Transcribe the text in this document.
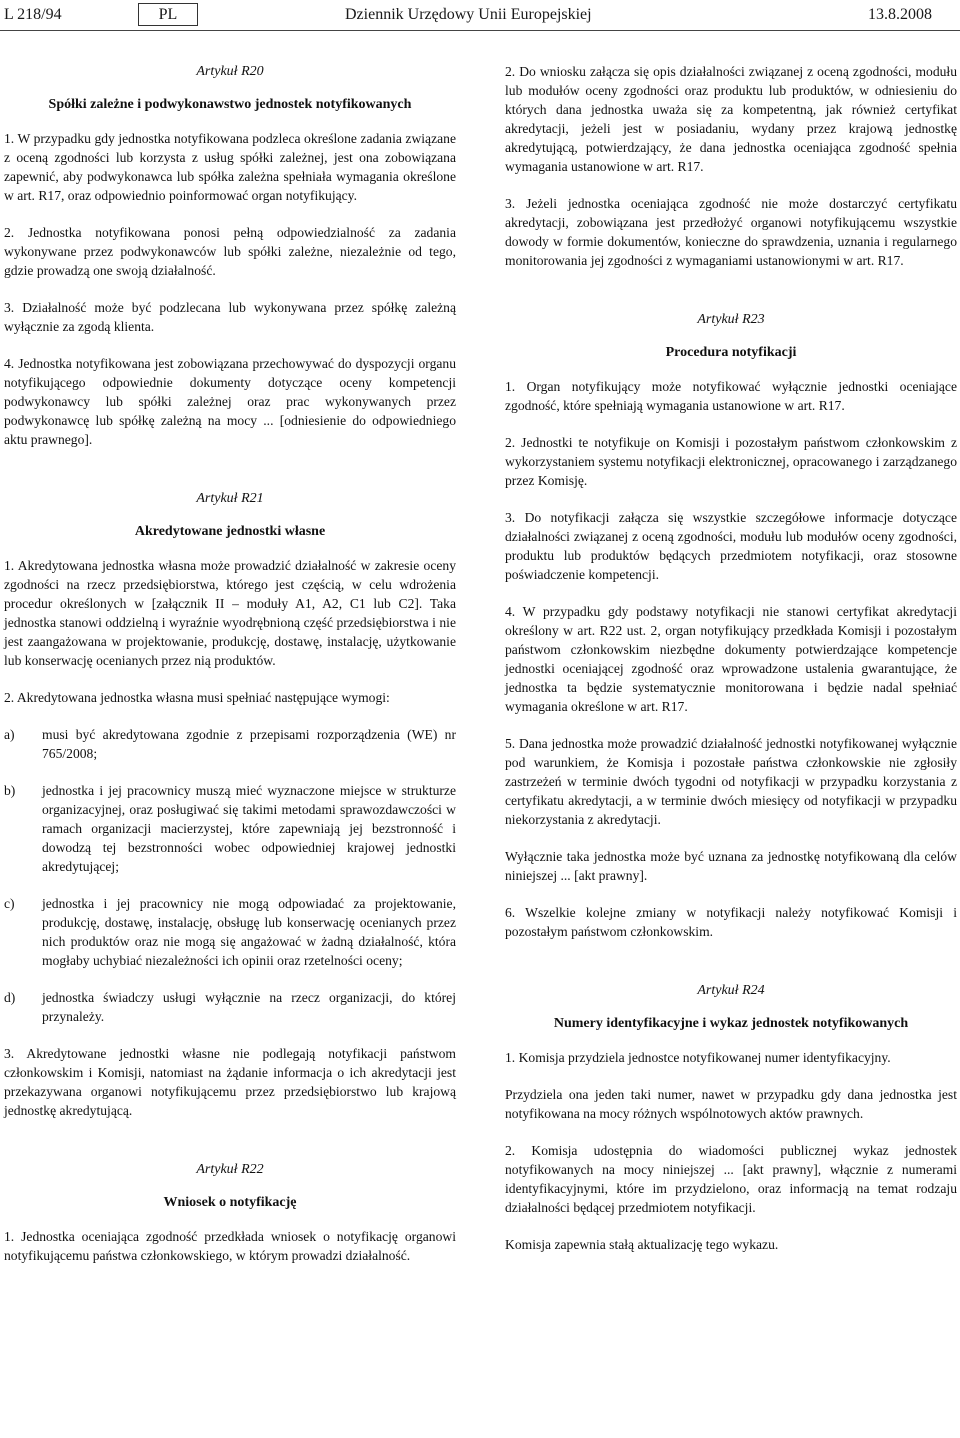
L 218/94	PL	Dziennik Urzędowy Unii Europejskiej	13.8.2008
Artykuł R20
Spółki zależne i podwykonawstwo jednostek notyfikowanych

1. W przypadku gdy jednostka notyfikowana podzleca określone zadania związane z oceną zgodności lub korzysta z usług spółki zależnej, jest ona zobowiązana zapewnić, aby podwykonawca lub spółka zależna spełniała wymagania określone w art. R17, oraz odpowiednio poinformować organ notyfikujący.

2. Jednostka notyfikowana ponosi pełną odpowiedzialność za zadania wykonywane przez podwykonawców lub spółki zależne, niezależnie od tego, gdzie prowadzą one swoją działalność.

3. Działalność może być podzlecana lub wykonywana przez spółkę zależną wyłącznie za zgodą klienta.

4. Jednostka notyfikowana jest zobowiązana przechowywać do dyspozycji organu notyfikującego odpowiednie dokumenty dotyczące oceny kompetencji podwykonawcy lub spółki zależnej oraz prac wykonywanych przez podwykonawcę lub spółkę zależną na mocy ... [odniesienie do odpowiedniego aktu prawnego].

Artykuł R21
Akredytowane jednostki własne

1. Akredytowana jednostka własna może prowadzić działalność w zakresie oceny zgodności na rzecz przedsiębiorstwa, którego jest częścią, w celu wdrożenia procedur określonych w [załącznik II – moduły A1, A2, C1 lub C2]. Taka jednostka stanowi oddzielną i wyraźnie wyodrębnioną część przedsiębiorstwa i nie jest zaangażowana w projektowanie, produkcję, dostawę, instalację, użytkowanie lub konserwację ocenianych przez nią produktów.

2. Akredytowana jednostka własna musi spełniać następujące wymogi:

a)	musi być akredytowana zgodnie z przepisami rozporządzenia (WE) nr 765/2008;
b)	jednostka i jej pracownicy muszą mieć wyznaczone miejsce w strukturze organizacyjnej, oraz posługiwać się takimi metodami sprawozdawczości w ramach organizacji macierzystej, które zapewniają jej bezstronność i dowodzą tej bezstronności wobec odpowiedniej krajowej jednostki akredytującej;
c)	jednostka i jej pracownicy nie mogą odpowiadać za projektowanie, produkcję, dostawę, instalację, obsługę lub konserwację ocenianych przez nich produktów oraz nie mogą się angażować w żadną działalność, która mogłaby uchybiać niezależności ich opinii oraz rzetelności oceny;
d)	jednostka świadczy usługi wyłącznie na rzecz organizacji, do której przynależy.

3. Akredytowane jednostki własne nie podlegają notyfikacji państwom członkowskim i Komisji, natomiast na żądanie informacja o ich akredytacji jest przekazywana organowi notyfikującemu przez przedsiębiorstwo lub krajową jednostkę akredytującą.

Artykuł R22
Wniosek o notyfikację

1. Jednostka oceniająca zgodność przedkłada wniosek o notyfikację organowi notyfikującemu państwa członkowskiego, w którym prowadzi działalność.

2. Do wniosku załącza się opis działalności związanej z oceną zgodności, modułu lub modułów oceny zgodności oraz produktu lub produktów, w odniesieniu do których dana jednostka uważa się za kompetentną, jak również certyfikat akredytacji, jeżeli jest w posiadaniu, wydany przez krajową jednostkę akredytującą, potwierdzający, że dana jednostka oceniająca zgodność spełnia wymagania ustanowione w art. R17.

3. Jeżeli jednostka oceniająca zgodność nie może dostarczyć certyfikatu akredytacji, zobowiązana jest przedłożyć organowi notyfikującemu wszystkie dowody w formie dokumentów, konieczne do sprawdzenia, uznania i regularnego monitorowania jej zgodności z wymaganiami ustanowionymi w art. R17.

Artykuł R23
Procedura notyfikacji

1. Organ notyfikujący może notyfikować wyłącznie jednostki oceniające zgodność, które spełniają wymagania ustanowione w art. R17.

2. Jednostki te notyfikuje on Komisji i pozostałym państwom członkowskim z wykorzystaniem systemu notyfikacji elektronicznej, opracowanego i zarządzanego przez Komisję.

3. Do notyfikacji załącza się wszystkie szczegółowe informacje dotyczące działalności związanej z oceną zgodności, modułu lub modułów oceny zgodności, produktu lub produktów będących przedmiotem notyfikacji, oraz stosowne poświadczenie kompetencji.

4. W przypadku gdy podstawy notyfikacji nie stanowi certyfikat akredytacji określony w art. R22 ust. 2, organ notyfikujący przedkłada Komisji i pozostałym państwom członkowskim niezbędne dokumenty potwierdzające kompetencje jednostki oceniającej zgodność oraz wprowadzone ustalenia gwarantujące, że jednostka ta będzie systematycznie monitorowana i będzie nadal spełniać wymagania określone w art. R17.

5. Dana jednostka może prowadzić działalność jednostki notyfikowanej wyłącznie pod warunkiem, że Komisja i pozostałe państwa członkowskie nie zgłosiły zastrzeżeń w terminie dwóch tygodni od notyfikacji w przypadku korzystania z certyfikatu akredytacji, a w terminie dwóch miesięcy od notyfikacji w przypadku niekorzystania z akredytacji.

Wyłącznie taka jednostka może być uznana za jednostkę notyfikowaną dla celów niniejszej ... [akt prawny].

6. Wszelkie kolejne zmiany w notyfikacji należy notyfikować Komisji i pozostałym państwom członkowskim.

Artykuł R24
Numery identyfikacyjne i wykaz jednostek notyfikowanych

1. Komisja przydziela jednostce notyfikowanej numer identyfikacyjny.

Przydziela ona jeden taki numer, nawet w przypadku gdy dana jednostka jest notyfikowana na mocy różnych wspólnotowych aktów prawnych.

2. Komisja udostępnia do wiadomości publicznej wykaz jednostek notyfikowanych na mocy niniejszej ... [akt prawny], włącznie z numerami identyfikacyjnymi, które im przydzielono, oraz informacją na temat rodzaju działalności będącej przedmiotem notyfikacji.

Komisja zapewnia stałą aktualizację tego wykazu.
